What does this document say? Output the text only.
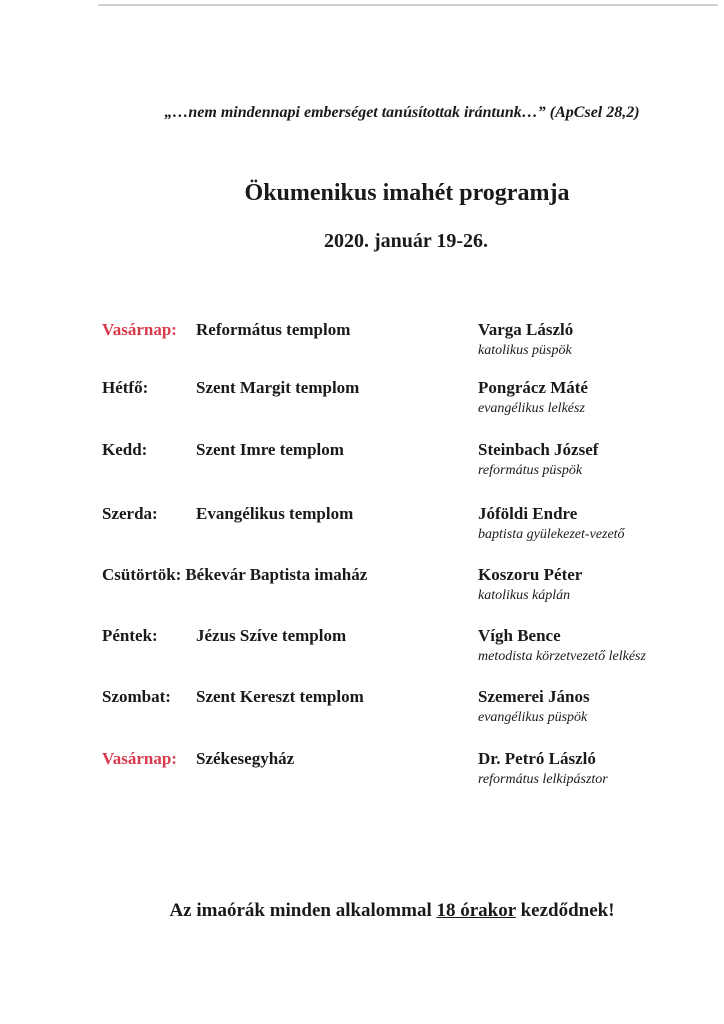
„…nem mindennapi emberséget tanúsítottak irántunk…” (ApCsel 28,2)
Ökumenikus imahét programja
2020. január 19-26.
Vasárnap: Református templom	Varga László
katolikus püspök
Hétfő:	Szent Margit templom	Pongrácz Máté
evangélikus lelkész
Kedd:	Szent Imre templom	Steinbach József
református püspök
Szerda: Evangélikus templom	Jóföldi Endre
baptista gyülekezet-vezető
Csütörtök: Békevár Baptista imaház	Koszoru Péter
katolikus káplán
Péntek: Jézus Szíve templom	Vígh Bence
metodista körzetvezető lelkész
Szombat: Szent Kereszt templom	Szemerei János
evangélikus püspök
Vasárnap: Székesegyház	Dr. Petró László
református lelkipásztor
Az imaórák minden alkalommal 18 órakor kezdődnek!
